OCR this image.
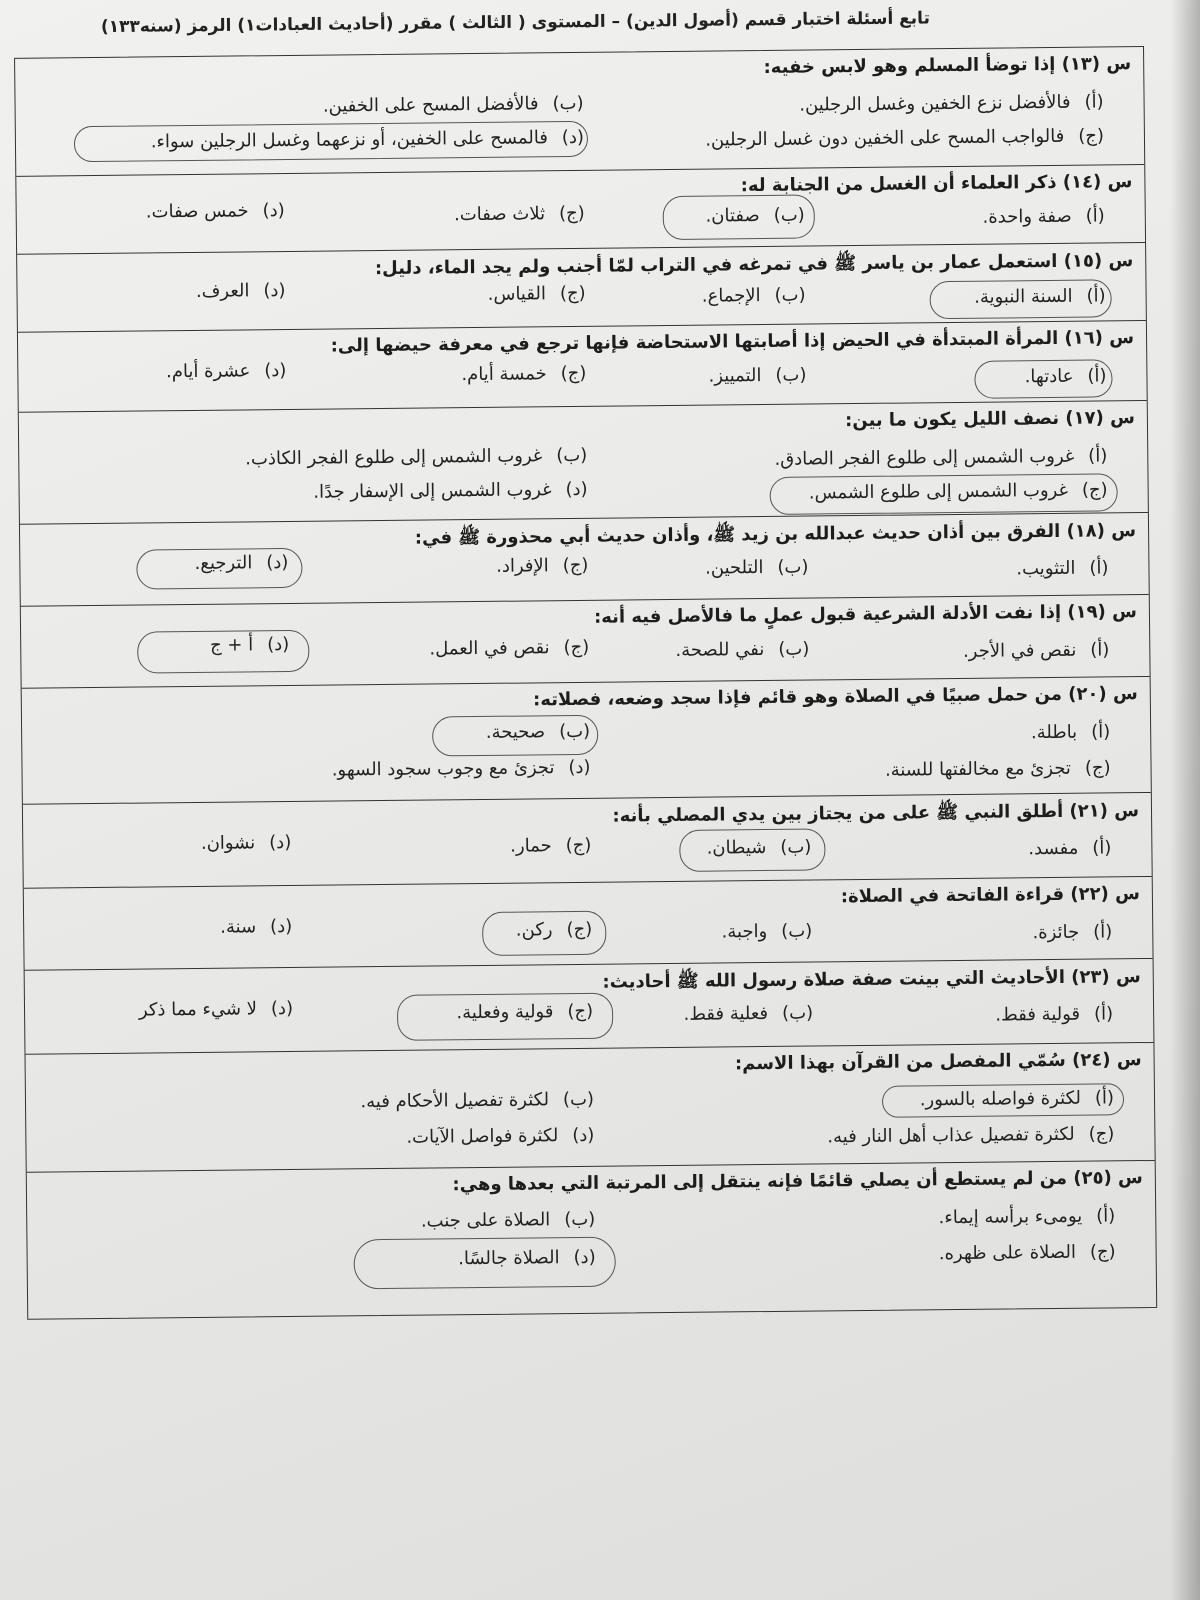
تابع أسئلة اختبار قسم (أصول الدين) – المستوى ( الثالث ) مقرر (أحاديث العبادات١) الرمز (سنه١٣٣)
س (١٣) إذا توضأ المسلم وهو لابس خفيه:
(أ)فالأفضل نزع الخفين وغسل الرجلين.
(ب)فالأفضل المسح على الخفين.
(ج)فالواجب المسح على الخفين دون غسل الرجلين.
(د)فالمسح على الخفين، أو نزعهما وغسل الرجلين سواء.
س (١٤) ذكر العلماء أن الغسل من الجنابة له:
(أ)صفة واحدة.
(ب)صفتان.
(ج)ثلاث صفات.
(د)خمس صفات.
س (١٥) استعمل عمار بن ياسر ﷺ في تمرغه في التراب لمّا أجنب ولم يجد الماء، دليل:
(أ)السنة النبوية.
(ب)الإجماع.
(ج)القياس.
(د)العرف.
س (١٦) المرأة المبتدأة في الحيض إذا أصابتها الاستحاضة فإنها ترجع في معرفة حيضها إلى:
(أ)عادتها.
(ب)التمييز.
(ج)خمسة أيام.
(د)عشرة أيام.
س (١٧) نصف الليل يكون ما بين:
(أ)غروب الشمس إلى طلوع الفجر الصادق.
(ب)غروب الشمس إلى طلوع الفجر الكاذب.
(ج)غروب الشمس إلى طلوع الشمس.
(د)غروب الشمس إلى الإسفار جدًا.
س (١٨) الفرق بين أذان حديث عبدالله بن زيد ﷺ، وأذان حديث أبي محذورة ﷺ في:
(أ)التثويب.
(ب)التلحين.
(ج)الإفراد.
(د)الترجيع.
س (١٩) إذا نفت الأدلة الشرعية قبول عملٍ ما فالأصل فيه أنه:
(أ)نقص في الأجر.
(ب)نفي للصحة.
(ج)نقص في العمل.
(د)أ + ج
س (٢٠) من حمل صبيًا في الصلاة وهو قائم فإذا سجد وضعه، فصلاته:
(أ)باطلة.
(ب)صحيحة.
(ج)تجزئ مع مخالفتها للسنة.
(د)تجزئ مع وجوب سجود السهو.
س (٢١) أطلق النبي ﷺ على من يجتاز بين يدي المصلي بأنه:
(أ)مفسد.
(ب)شيطان.
(ج)حمار.
(د)نشوان.
س (٢٢) قراءة الفاتحة في الصلاة:
(أ)جائزة.
(ب)واجبة.
(ج)ركن.
(د)سنة.
س (٢٣) الأحاديث التي بينت صفة صلاة رسول الله ﷺ أحاديث:
(أ)قولية فقط.
(ب)فعلية فقط.
(ج)قولية وفعلية.
(د)لا شيء مما ذكر
س (٢٤) سُمّي المفصل من القرآن بهذا الاسم:
(أ)لكثرة فواصله بالسور.
(ب)لكثرة تفصيل الأحكام فيه.
(ج)لكثرة تفصيل عذاب أهل النار فيه.
(د)لكثرة فواصل الآيات.
س (٢٥) من لم يستطع أن يصلي قائمًا فإنه ينتقل إلى المرتبة التي بعدها وهي:
(أ)يومىء برأسه إيماء.
(ب)الصلاة على جنب.
(ج)الصلاة على ظهره.
(د)الصلاة جالسًا.
